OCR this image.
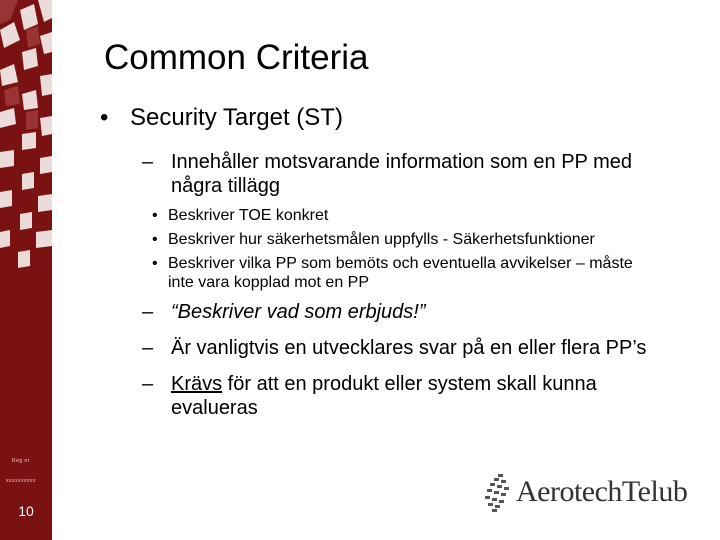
Reg nr
xxxxxxxxxx
10
Common Criteria
• Security Target (ST)
– Innehåller motsvarande information som en PP med några tillägg
• Beskriver TOE konkret
• Beskriver hur säkerhetsmålen uppfylls - Säkerhetsfunktioner
• Beskriver vilka PP som bemöts och eventuella avvikelser – måste inte vara kopplad mot en PP
– “Beskriver vad som erbjuds!”
– Är vanligtvis en utvecklares svar på en eller flera PP’s
– Krävs för att en produkt eller system skall kunna evalueras
AerotechTelub
